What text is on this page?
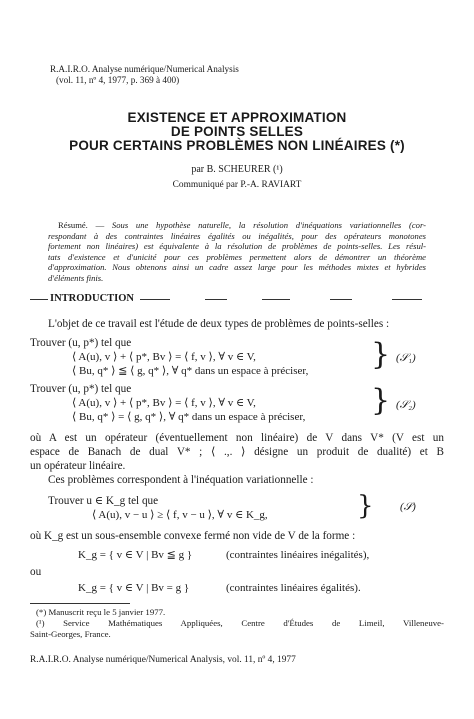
R.A.I.R.O. Analyse numérique/Numerical Analysis
(vol. 11, nº 4, 1977, p. 369 à 400)
EXISTENCE ET APPROXIMATION
DE POINTS SELLES
POUR CERTAINS PROBLÈMES NON LINÉAIRES (*)
par B. SCHEURER (¹)
Communiqué par P.-A. RAVIART
Résumé. — Sous une hypothèse naturelle, la résolution d'inéquations variationnelles (cor-
respondant à des contraintes linéaires égalités ou inégalités, pour des opérateurs monotones
fortement non linéaires) est équivalente à la résolution de problèmes de points-selles. Les résul-
tats d'existence et d'unicité pour ces problèmes permettent alors de démontrer un théorème
d'approximation. Nous obtenons ainsi un cadre assez large pour les méthodes mixtes et hybrides
d'éléments finis.
INTRODUCTION
L'objet de ce travail est l'étude de deux types de problèmes de points-selles :
Trouver (u, p*) tel que
⟨ A(u), v ⟩ + ⟨ p*, Bv ⟩ = ⟨ f, v ⟩, ∀ v ∈ V,
⟨ Bu, q* ⟩ ≦ ⟨ g, q* ⟩, ∀ q* dans un espace à préciser, } (𝒮₁)
Trouver (u, p*) tel que
⟨ A(u), v ⟩ + ⟨ p*, Bv ⟩ = ⟨ f, v ⟩, ∀ v ∈ V,
⟨ Bu, q* ⟩ = ⟨ g, q* ⟩, ∀ q* dans un espace à préciser, } (𝒮₂)
où A est un opérateur (éventuellement non linéaire) de V dans V* (V est un
espace de Banach de dual V* ; ⟨ .,. ⟩ désigne un produit de dualité) et B
un opérateur linéaire.
Ces problèmes correspondent à l'inéquation variationnelle :
Trouver u ∈ K_g tel que
⟨ A(u), v − u ⟩ ≥ ⟨ f, v − u ⟩, ∀ v ∈ K_g,	} (𝒮)
où K_g est un sous-ensemble convexe fermé non vide de V de la forme :
K_g = { v ∈ V | Bv ≦ g }	(contraintes linéaires inégalités),
ou
K_g = { v ∈ V | Bv = g }	(contraintes linéaires égalités).
(*) Manuscrit reçu le 5 janvier 1977.
(¹) Service Mathématiques Appliquées, Centre d'Études de Limeil, Villeneuve-
Saint-Georges, France.
R.A.I.R.O. Analyse numérique/Numerical Analysis, vol. 11, nº 4, 1977
